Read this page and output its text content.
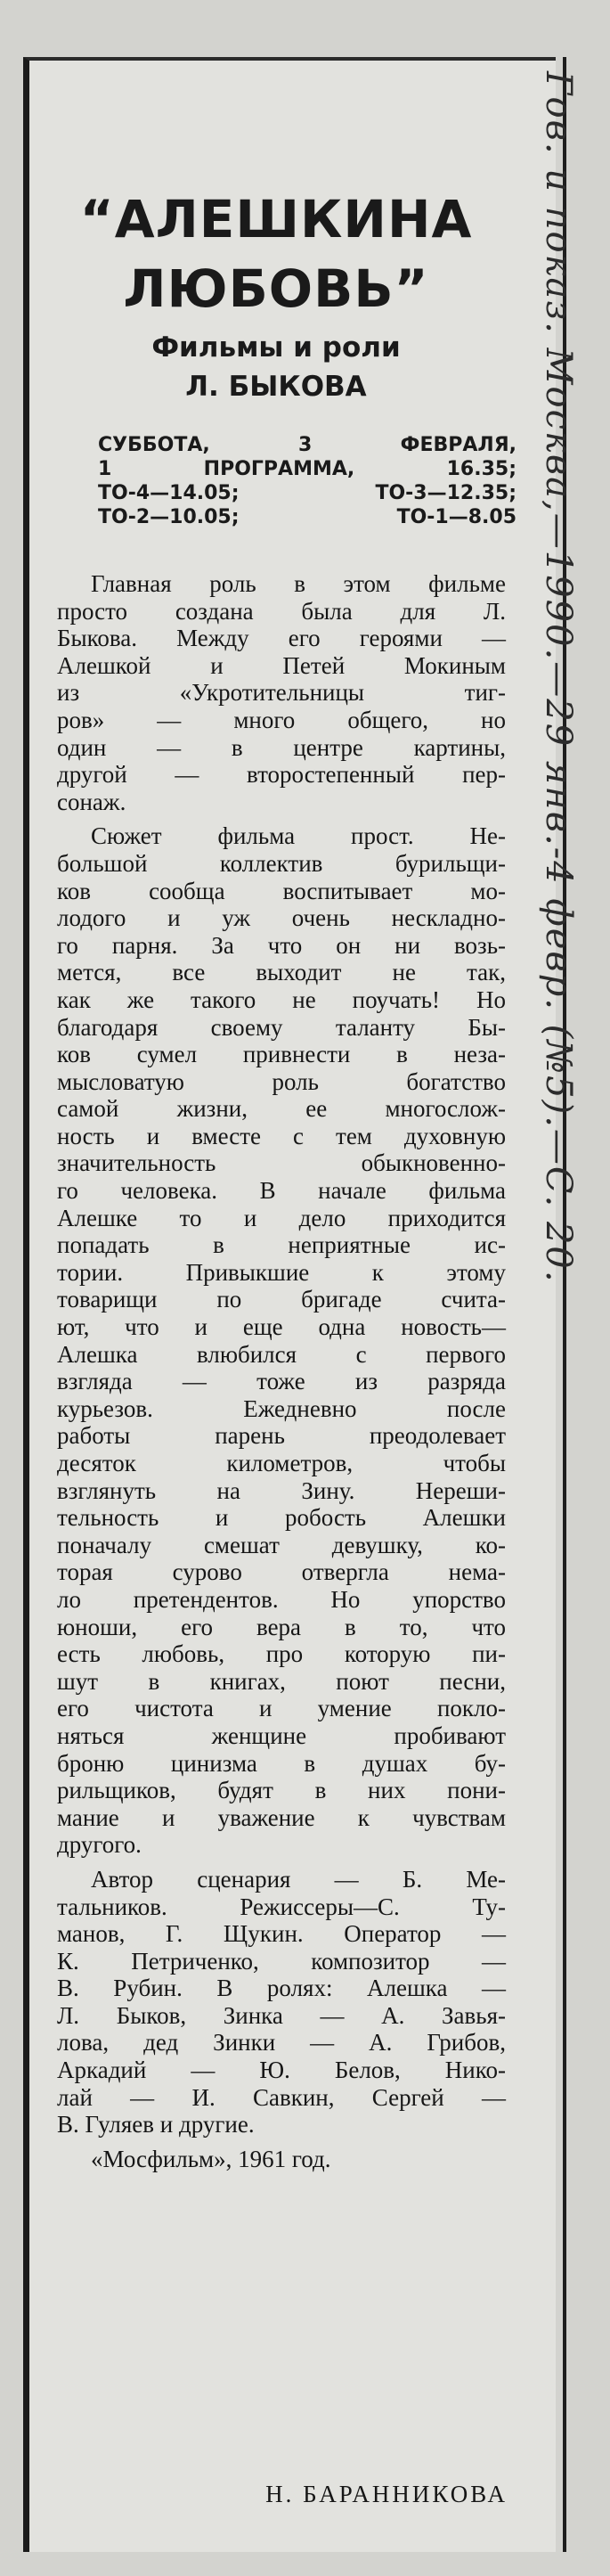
“АЛЕШКИНА
ЛЮБОВЬ”
Фильмы и роли
Л. БЫКОВА
СУББОТА, 3 ФЕВРАЛЯ,
1 ПРОГРАММА, 16.35;
ТО-4—14.05; ТО-3—12.35;
ТО-2—10.05; ТО-1—8.05
Главная роль в этом фильме
просто создана была для Л.
Быкова. Между его героями —
Алешкой и Петей Мокиным
из «Укротительницы тиг-
ров» — много общего, но
один — в центре картины,
другой — второстепенный пер-
сонаж.
Сюжет фильма прост. Не-
большой коллектив бурильщи-
ков сообща воспитывает мо-
лодого и уж очень нескладно-
го парня. За что он ни возь-
мется, все выходит не так,
как же такого не поучать! Но
благодаря своему таланту Бы-
ков сумел привнести в неза-
мысловатую роль богатство
самой жизни, ее многослож-
ность и вместе с тем духовную
значительность обыкновенно-
го человека. В начале фильма
Алешке то и дело приходится
попадать в неприятные ис-
тории. Привыкшие к этому
товарищи по бригаде счита-
ют, что и еще одна новость—
Алешка влюбился с первого
взгляда — тоже из разряда
курьезов. Ежедневно после
работы парень преодолевает
десяток километров, чтобы
взглянуть на Зину. Нереши-
тельность и робость Алешки
поначалу смешат девушку, ко-
торая сурово отвергла нема-
ло претендентов. Но упорство
юноши, его вера в то, что
есть любовь, про которую пи-
шут в книгах, поют песни,
его чистота и умение покло-
няться женщине пробивают
броню цинизма в душах бу-
рильщиков, будят в них пони-
мание и уважение к чувствам
другого.
Автор сценария — Б. Ме-
тальников. Режиссеры—С. Ту-
манов, Г. Щукин. Оператор —
К. Петриченко, композитор —
В. Рубин. В ролях: Алешка —
Л. Быков, Зинка — А. Завья-
лова, дед Зинки — А. Грибов,
Аркадий — Ю. Белов, Нико-
лай — И. Савкин, Сергей —
В. Гуляев и другие.
«Мосфильм», 1961 год.
Н. БАРАННИКОВА
Гов. и показ. Москва,—1990.—29 янв.-4 февр. (№5).—С. 20.
